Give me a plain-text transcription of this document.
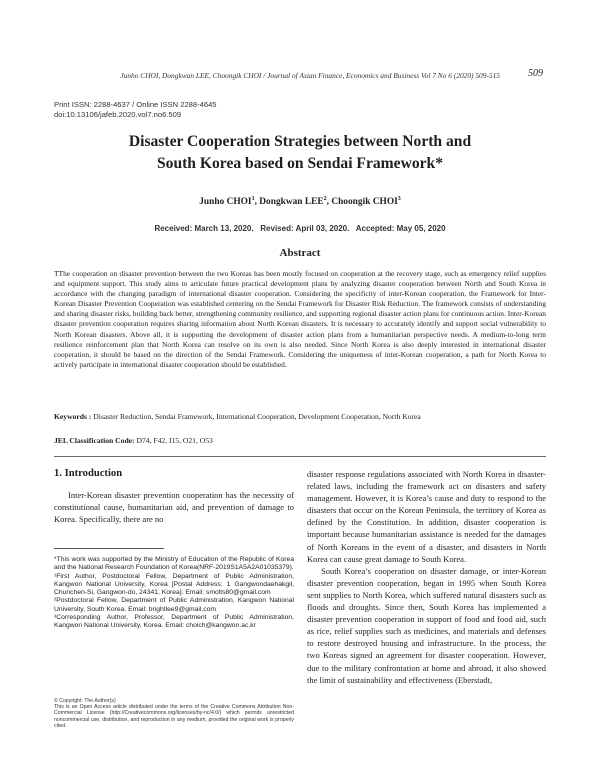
Junho CHOI, Dongkwan LEE, Choongik CHOI / Journal of Asian Finance, Economics and Business Vol 7 No 6 (2020) 509-515	509
Print ISSN: 2288-4637 / Online ISSN 2288-4645
doi:10.13106/jafeb.2020.vol7.no6.509
Disaster Cooperation Strategies between North and
South Korea based on Sendai Framework*
Junho CHOI$^1$, Dongkwan LEE$^2$, Choongik CHOI$^3$
Received: March 13, 2020.   Revised: April 03, 2020.   Accepted: May 05, 2020
Abstract
TThe cooperation on disaster prevention between the two Koreas has been mostly focused on cooperation at the recovery stage, such as emergency relief supplies and equipment support. This study aims to articulate future practical development plans by analyzing disaster cooperation between North and South Korea in accordance with the changing paradigm of international disaster cooperation. Considering the specificity of inter-Korean cooperation, the Framework for Inter-Korean Disaster Prevention Cooperation was established centering on the Sendai Framework for Disaster Risk Reduction. The framework consists of understanding and sharing disaster risks, building back better, strengthening community resilience, and supporting regional disaster action plans for continuous action. Inter-Korean disaster prevention cooperation requires sharing information about North Korean disasters. It is necessary to accurately identify and support social vulnerability to North Korean disasters. Above all, it is supporting the development of disaster action plans from a humanitarian perspective needs. A medium-to-long term resilience reinforcement plan that North Korea can resolve on its own is also needed. Since North Korea is also deeply interested in international disaster cooperation, it should be based on the direction of the Sendai Framework. Considering the uniqueness of inter-Korean cooperation, a path for North Korea to actively participate in international disaster cooperation should be established.
Keywords : Disaster Reduction, Sendai Framework, International Cooperation, Development Cooperation, North Korea
JEL Classification Code: D74, F42, I15, O21, O53
1. Introduction
Inter-Korean disaster prevention cooperation has the necessity of constitutional cause, humanitarian aid, and prevention of damage to Korea. Specifically, there are no

*This work was supported by the Ministry of Education of the Republic of Korea and the National Research Foundation of Korea(NRF-2019S1A5A2A01035379).

¹First Author, Postdoctoral Fellow, Department of Public Administration, Kangwon National University, Korea [Postal Address: 1 Gangwondaehakgil, Chunchen-Si, Gangwon-do, 24341, Korea]. Email: smolts80@gmail.com

²Postdoctoral Fellow, Department of Public Administration, Kangwon National University, South Korea. Email: brightlee9@gmail.com

³Corresponding Author, Professor, Department of Public Administration, Kangwon National University, Korea. Email: choich@kangwon.ac.kr

© Copyright: The Author(s)

This is an Open Access article distributed under the terms of the Creative Commons Attribution Non-Commercial License (http://Creativecommons.org/licenses/by-nc/4.0/) which permits unrestricted noncommercial use, distribution, and reproduction in any medium, provided the original work is properly cited.

disaster response regulations associated with North Korea in disaster-related laws, including the framework act on disasters and safety management. However, it is Korea’s cause and duty to respond to the disasters that occur on the Korean Peninsula, the territory of Korea as defined by the Constitution. In addition, disaster cooperation is important because humanitarian assistance is needed for the damages of North Koreans in the event of a disaster, and disasters in North Korea can cause great damage to South Korea.

South Korea’s cooperation on disaster damage, or inter-Korean disaster prevention cooperation, began in 1995 when South Korea sent supplies to North Korea, which suffered natural disasters such as floods and droughts. Since then, South Korea has implemented a disaster prevention cooperation in support of food and food aid, such as rice, relief supplies such as medicines, and materials and defenses to restore destroyed housing and infrastructure. In the process, the two Koreas signed an agreement for disaster cooperation. However, due to the military confrontation at home and abroad, it also showed the limit of sustainability and effectiveness (Eberstadt,
